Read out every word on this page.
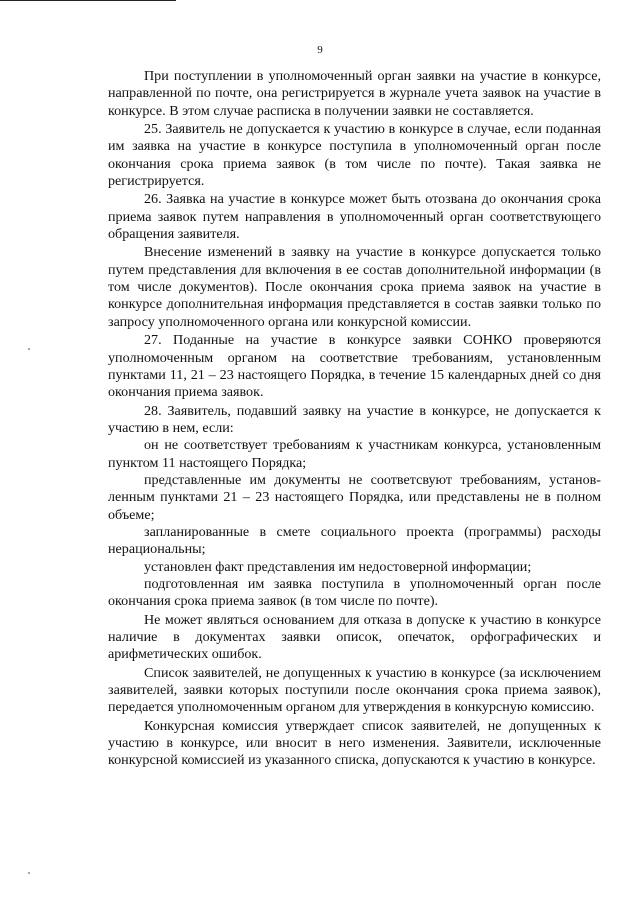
9

При поступлении в уполномоченный орган заявки на участие в конкурсе, направленной по почте, она регистрируется в журнале учета заявок на участие в конкурсе. В этом случае расписка в получении заявки не составляется.

25. Заявитель не допускается к участию в конкурсе в случае, если поданная им заявка на участие в конкурсе поступила в уполномоченный орган после окончания срока приема заявок (в том числе по почте). Такая заявка не регистрируется.

26. Заявка на участие в конкурсе может быть отозвана до окончания срока приема заявок путем направления в уполномоченный орган соответствующего обращения заявителя.

Внесение изменений в заявку на участие в конкурсе допускается только путем представления для включения в ее состав дополнительной информации (в том числе документов). После окончания срока приема заявок на участие в конкурсе дополнительная информация представляется в состав заявки только по запросу уполномоченного органа или конкурсной комиссии.

27. Поданные на участие в конкурсе заявки СОНКО проверяются уполномоченным органом на соответствие требованиям, установленным пунктами 11, 21 – 23 настоящего Порядка, в течение 15 календарных дней со дня окончания приема заявок.

28. Заявитель, подавший заявку на участие в конкурсе, не допускается к участию в нем, если:

он не соответствует требованиям к участникам конкурса, установленным пунктом 11 настоящего Порядка;

представленные им документы не соответсвуют требованиям, установленным пунктами 21 – 23 настоящего Порядка, или представлены не в полном объеме;

запланированные в смете социального проекта (программы) расходы нерациональны;

установлен факт представления им недостоверной информации;

подготовленная им заявка поступила в уполномоченный орган после окончания срока приема заявок (в том числе по почте).

Не может являться основанием для отказа в допуске к участию в конкурсе наличие в документах заявки описок, опечаток, орфографических и арифметических ошибок.

Список заявителей, не допущенных к участию в конкурсе (за исключением заявителей, заявки которых поступили после окончания срока приема заявок), передается уполномоченным органом для утверждения в конкурсную комиссию.

Конкурсная комиссия утверждает список заявителей, не допущенных к участию в конкурсе, или вносит в него изменения. Заявители, исключенные конкурсной комиссией из указанного списка, допускаются к участию в конкурсе.
